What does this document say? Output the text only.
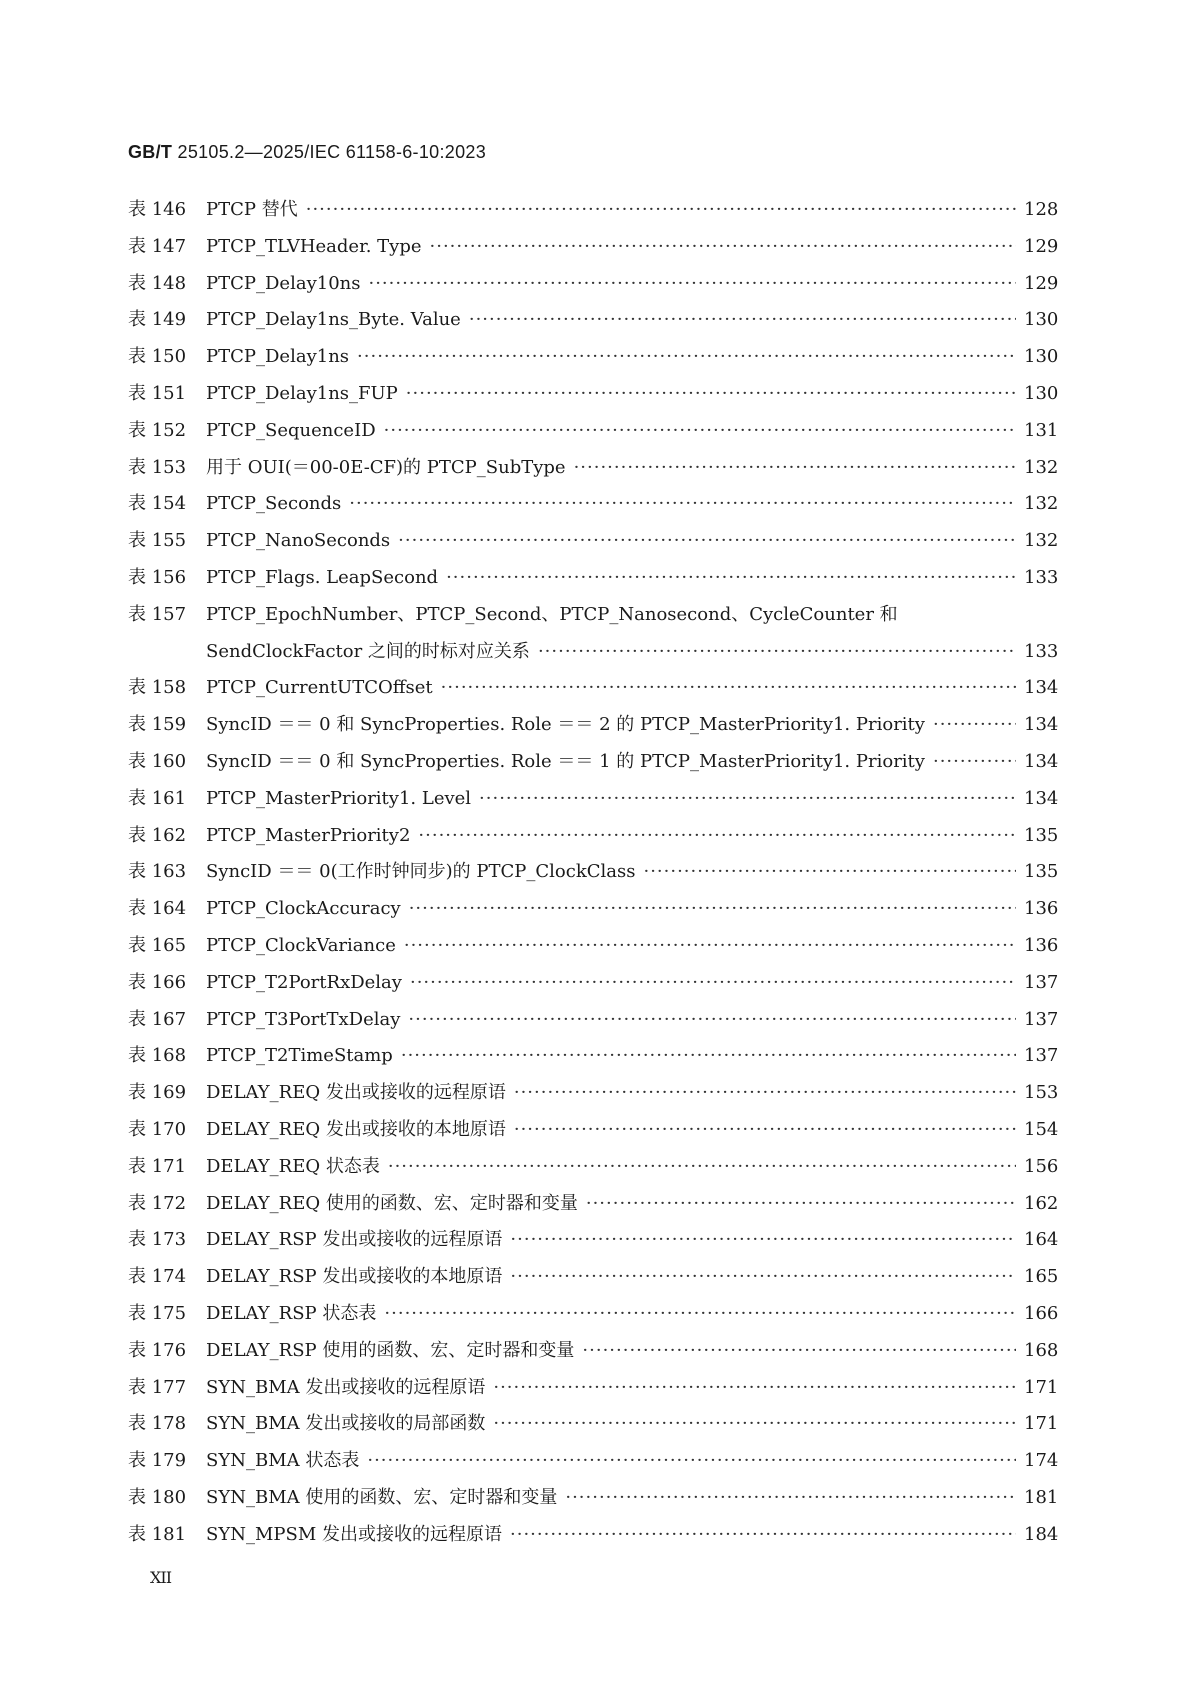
GB/T 25105.2—2025/IEC 61158-6-10:2023
表 146	PTCP 替代 ·····	128
表 147	PTCP_TLVHeader. Type ·····	129
表 148	PTCP_Delay10ns ·····	129
表 149	PTCP_Delay1ns_Byte. Value ·····	130
表 150	PTCP_Delay1ns ·····	130
表 151	PTCP_Delay1ns_FUP ·····	130
表 152	PTCP_SequenceID ·····	131
表 153	用于 OUI(＝00-0E-CF)的 PTCP_SubType ·····	132
表 154	PTCP_Seconds ·····	132
表 155	PTCP_NanoSeconds ·····	132
表 156	PTCP_Flags. LeapSecond ·····	133
表 157	PTCP_EpochNumber、PTCP_Second、PTCP_Nanosecond、CycleCounter 和
SendClockFactor 之间的时标对应关系 ·····	133
表 158	PTCP_CurrentUTCOffset ·····	134
表 159	SyncID ＝＝ 0 和 SyncProperties. Role ＝＝ 2 的 PTCP_MasterPriority1. Priority ·····	134
表 160	SyncID ＝＝ 0 和 SyncProperties. Role ＝＝ 1 的 PTCP_MasterPriority1. Priority ·····	134
表 161	PTCP_MasterPriority1. Level ·····	134
表 162	PTCP_MasterPriority2 ·····	135
表 163	SyncID ＝＝ 0(工作时钟同步)的 PTCP_ClockClass ·····	135
表 164	PTCP_ClockAccuracy ·····	136
表 165	PTCP_ClockVariance ·····	136
表 166	PTCP_T2PortRxDelay ·····	137
表 167	PTCP_T3PortTxDelay ·····	137
表 168	PTCP_T2TimeStamp ·····	137
表 169	DELAY_REQ 发出或接收的远程原语 ·····	153
表 170	DELAY_REQ 发出或接收的本地原语 ·····	154
表 171	DELAY_REQ 状态表 ·····	156
表 172	DELAY_REQ 使用的函数、宏、定时器和变量 ·····	162
表 173	DELAY_RSP 发出或接收的远程原语 ·····	164
表 174	DELAY_RSP 发出或接收的本地原语 ·····	165
表 175	DELAY_RSP 状态表 ·····	166
表 176	DELAY_RSP 使用的函数、宏、定时器和变量 ·····	168
表 177	SYN_BMA 发出或接收的远程原语 ·····	171
表 178	SYN_BMA 发出或接收的局部函数 ·····	171
表 179	SYN_BMA 状态表 ·····	174
表 180	SYN_BMA 使用的函数、宏、定时器和变量 ·····	181
表 181	SYN_MPSM 发出或接收的远程原语 ·····	184
XII
